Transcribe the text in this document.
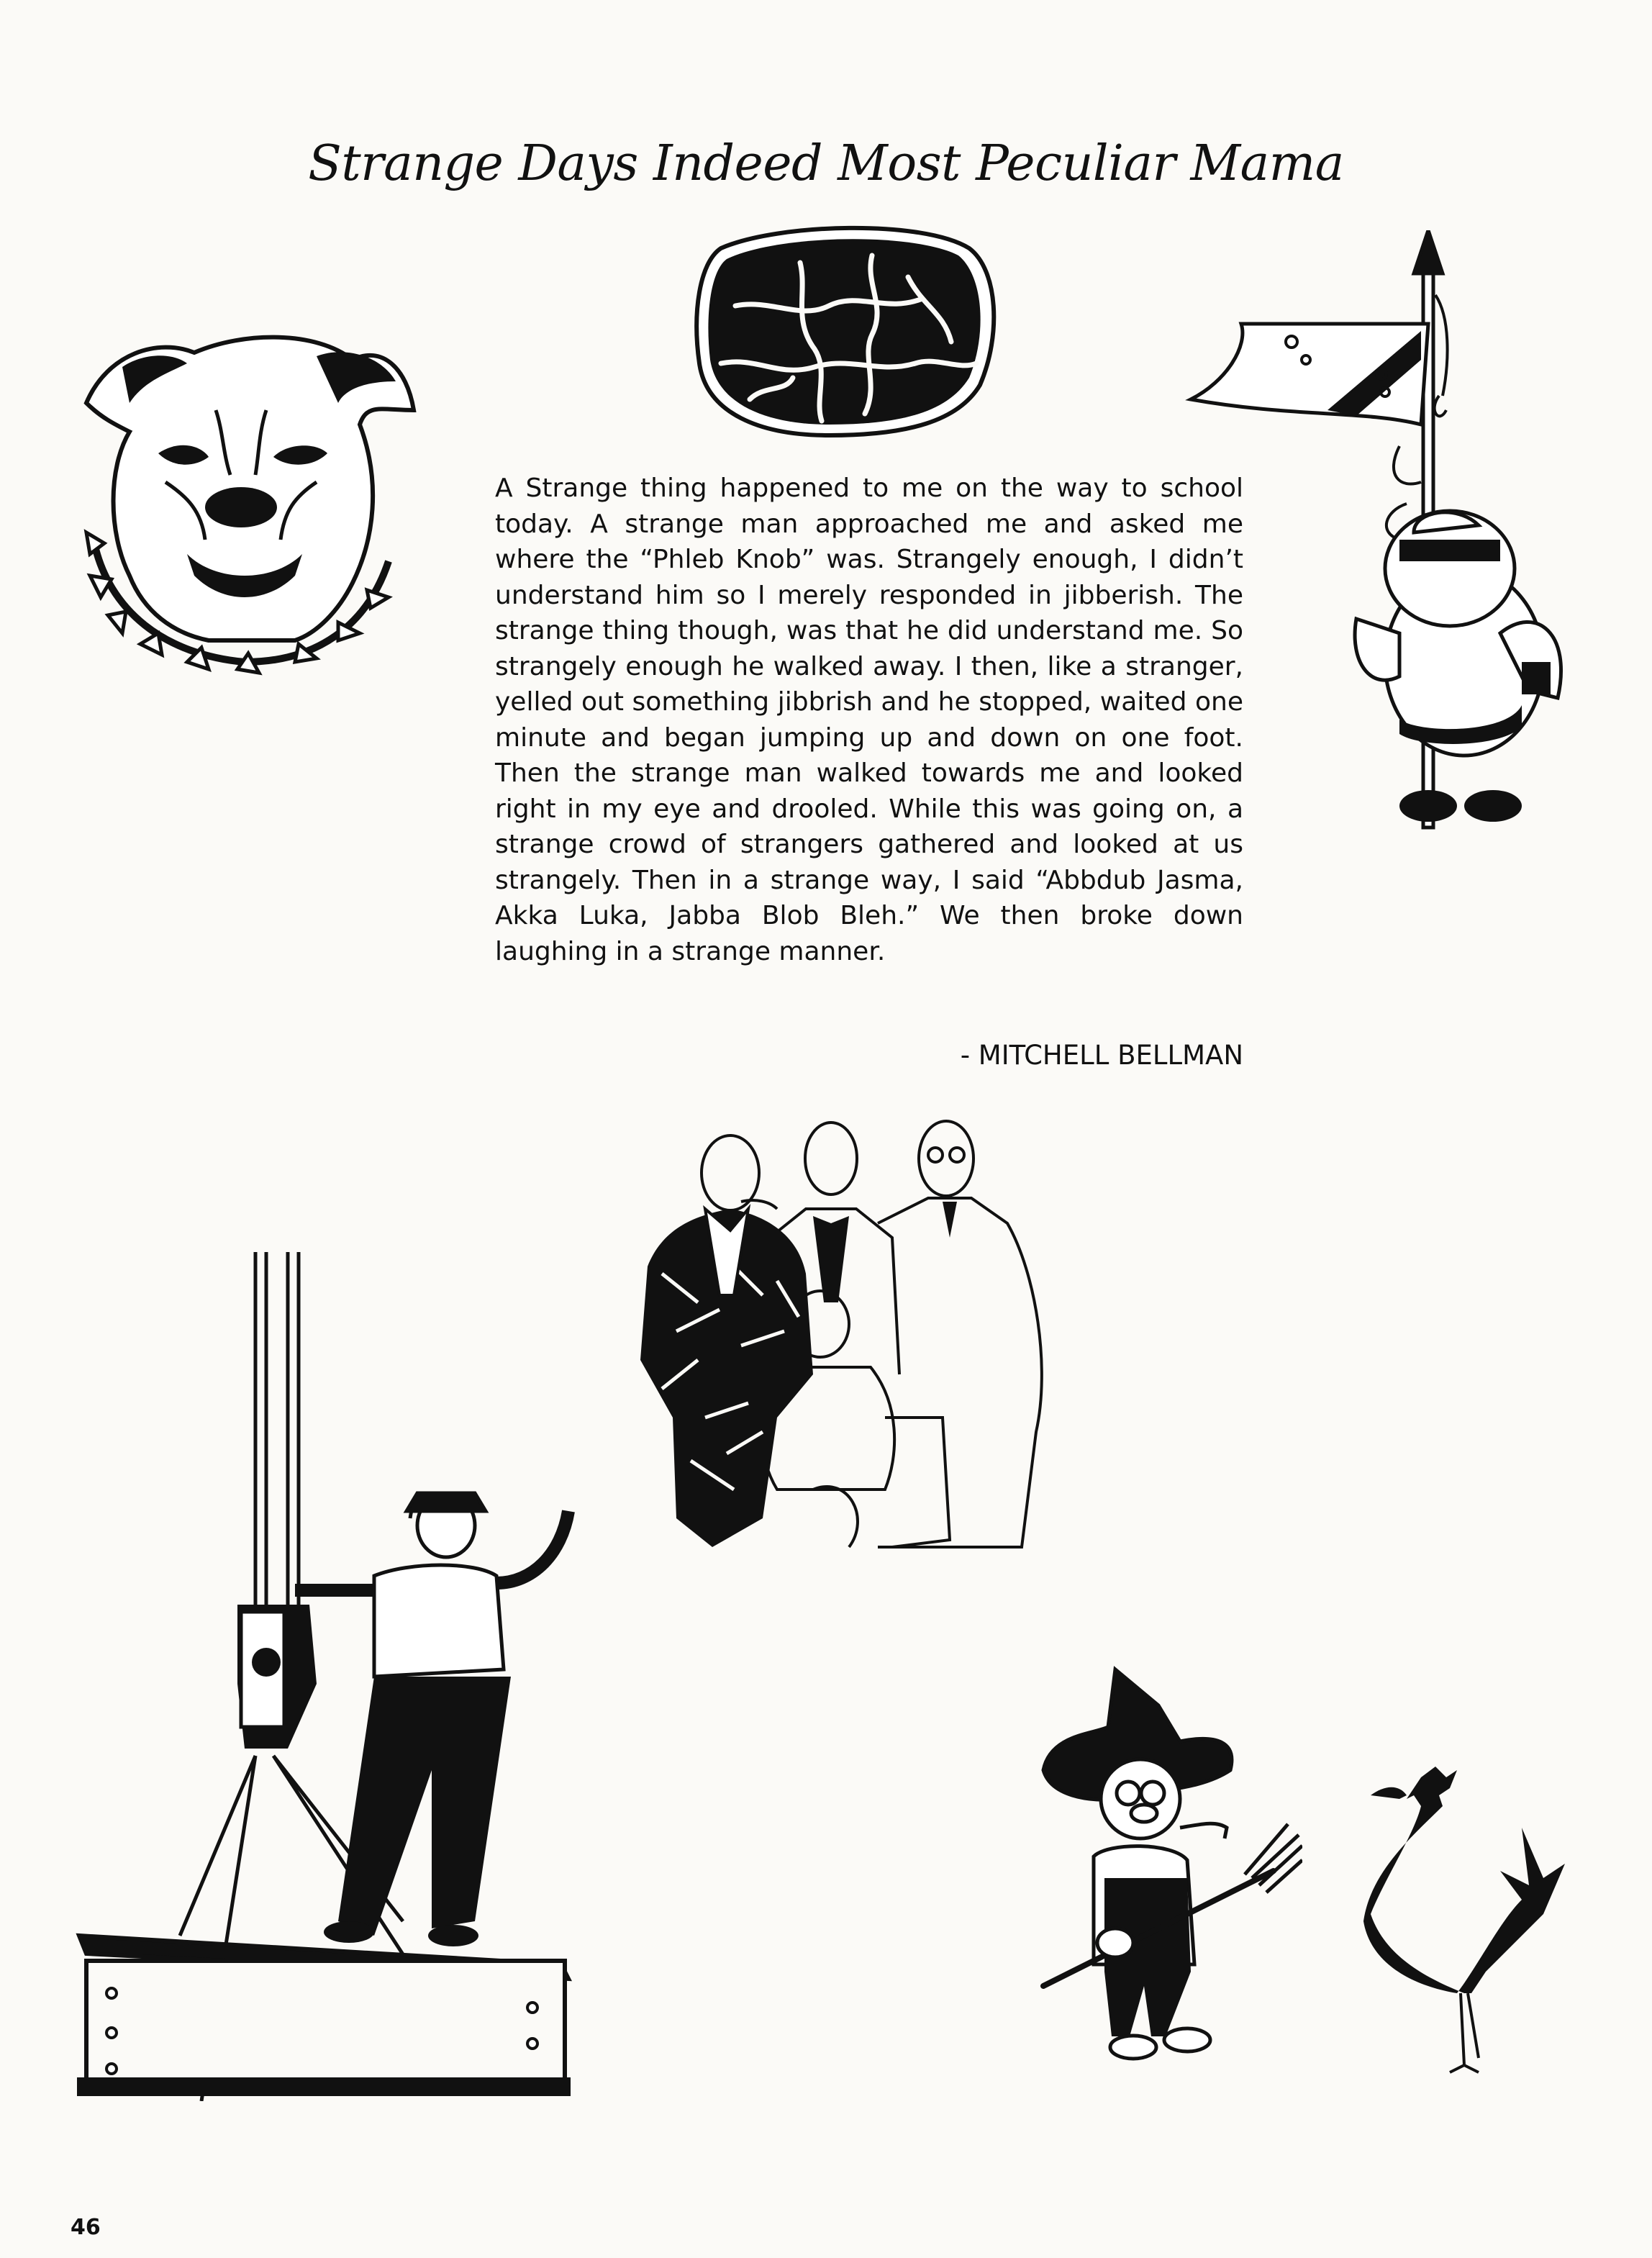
Strange Days Indeed Most Peculiar Mama

A Strange thing happened to me on the way to school today. A strange man approached me and asked me where the “Phleb Knob” was. Strangely enough, I didn’t understand him so I merely responded in jibberish. The strange thing though, was that he did understand me. So strangely enough he walked away. I then, like a stranger, yelled out something jibbrish and he stopped, waited one minute and began jumping up and down on one foot. Then the strange man walked towards me and looked right in my eye and drooled. While this was going on, a strange crowd of strangers gathered and looked at us strangely. Then in a strange way, I said “Abbdub Jasma, Akka Luka, Jabba Blob Bleh.” We then broke down laughing in a strange manner.

- MITCHELL BELLMAN
46
